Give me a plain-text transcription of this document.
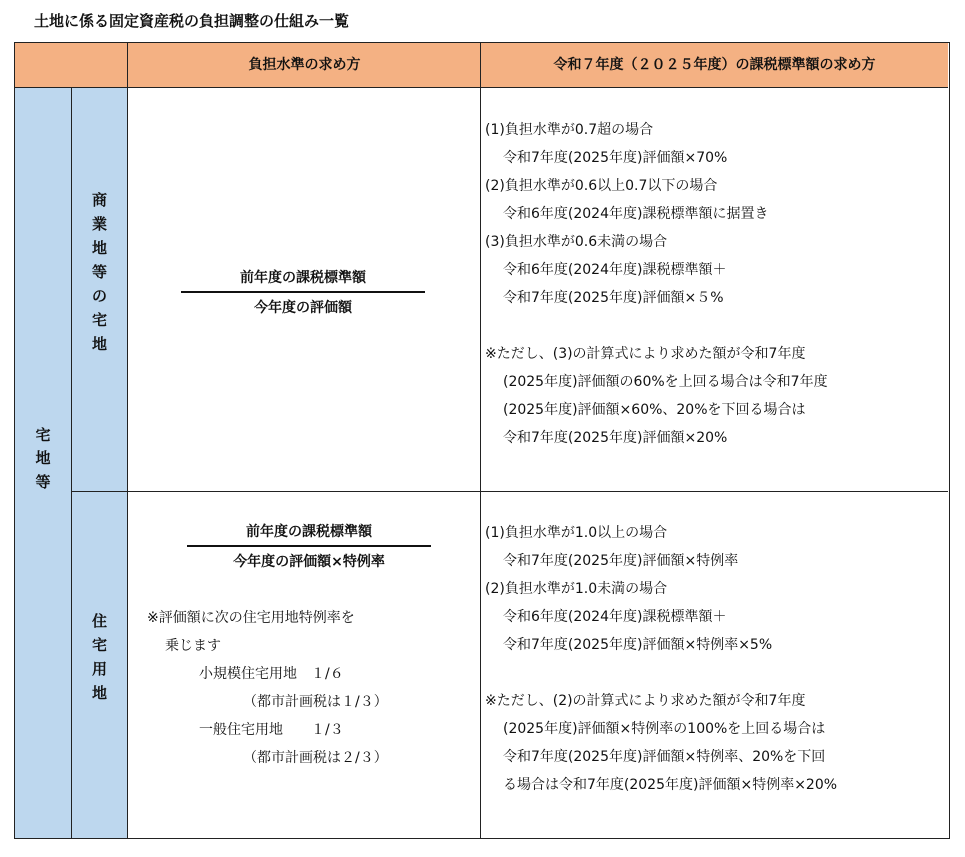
土地に係る固定資産税の負担調整の仕組み一覧
負担水準の求め方	令和７年度（２０２５年度）の課税標準額の求め方
宅
地
等
商
業
地
等
の
宅
地
住
宅
用
地
前年度の課税標準額
今年度の評価額
(1)負担水準が0.7超の場合
令和7年度(2025年度)評価額×70%
(2)負担水準が0.6以上0.7以下の場合
令和6年度(2024年度)課税標準額に据置き
(3)負担水準が0.6未満の場合
令和6年度(2024年度)課税標準額＋
令和7年度(2025年度)評価額×５%
※ただし、(3)の計算式により求めた額が令和7年度
(2025年度)評価額の60%を上回る場合は令和7年度
(2025年度)評価額×60%、20%を下回る場合は
令和7年度(2025年度)評価額×20%
前年度の課税標準額
今年度の評価額×特例率
※評価額に次の住宅用地特例率を
乗じます
小規模住宅用地　１/６
（都市計画税は１/３）
一般住宅用地　　１/３
（都市計画税は２/３）
(1)負担水準が1.0以上の場合
令和7年度(2025年度)評価額×特例率
(2)負担水準が1.0未満の場合
令和6年度(2024年度)課税標準額＋
令和7年度(2025年度)評価額×特例率×5%
※ただし、(2)の計算式により求めた額が令和7年度
(2025年度)評価額×特例率の100%を上回る場合は
令和7年度(2025年度)評価額×特例率、20%を下回
る場合は令和7年度(2025年度)評価額×特例率×20%
